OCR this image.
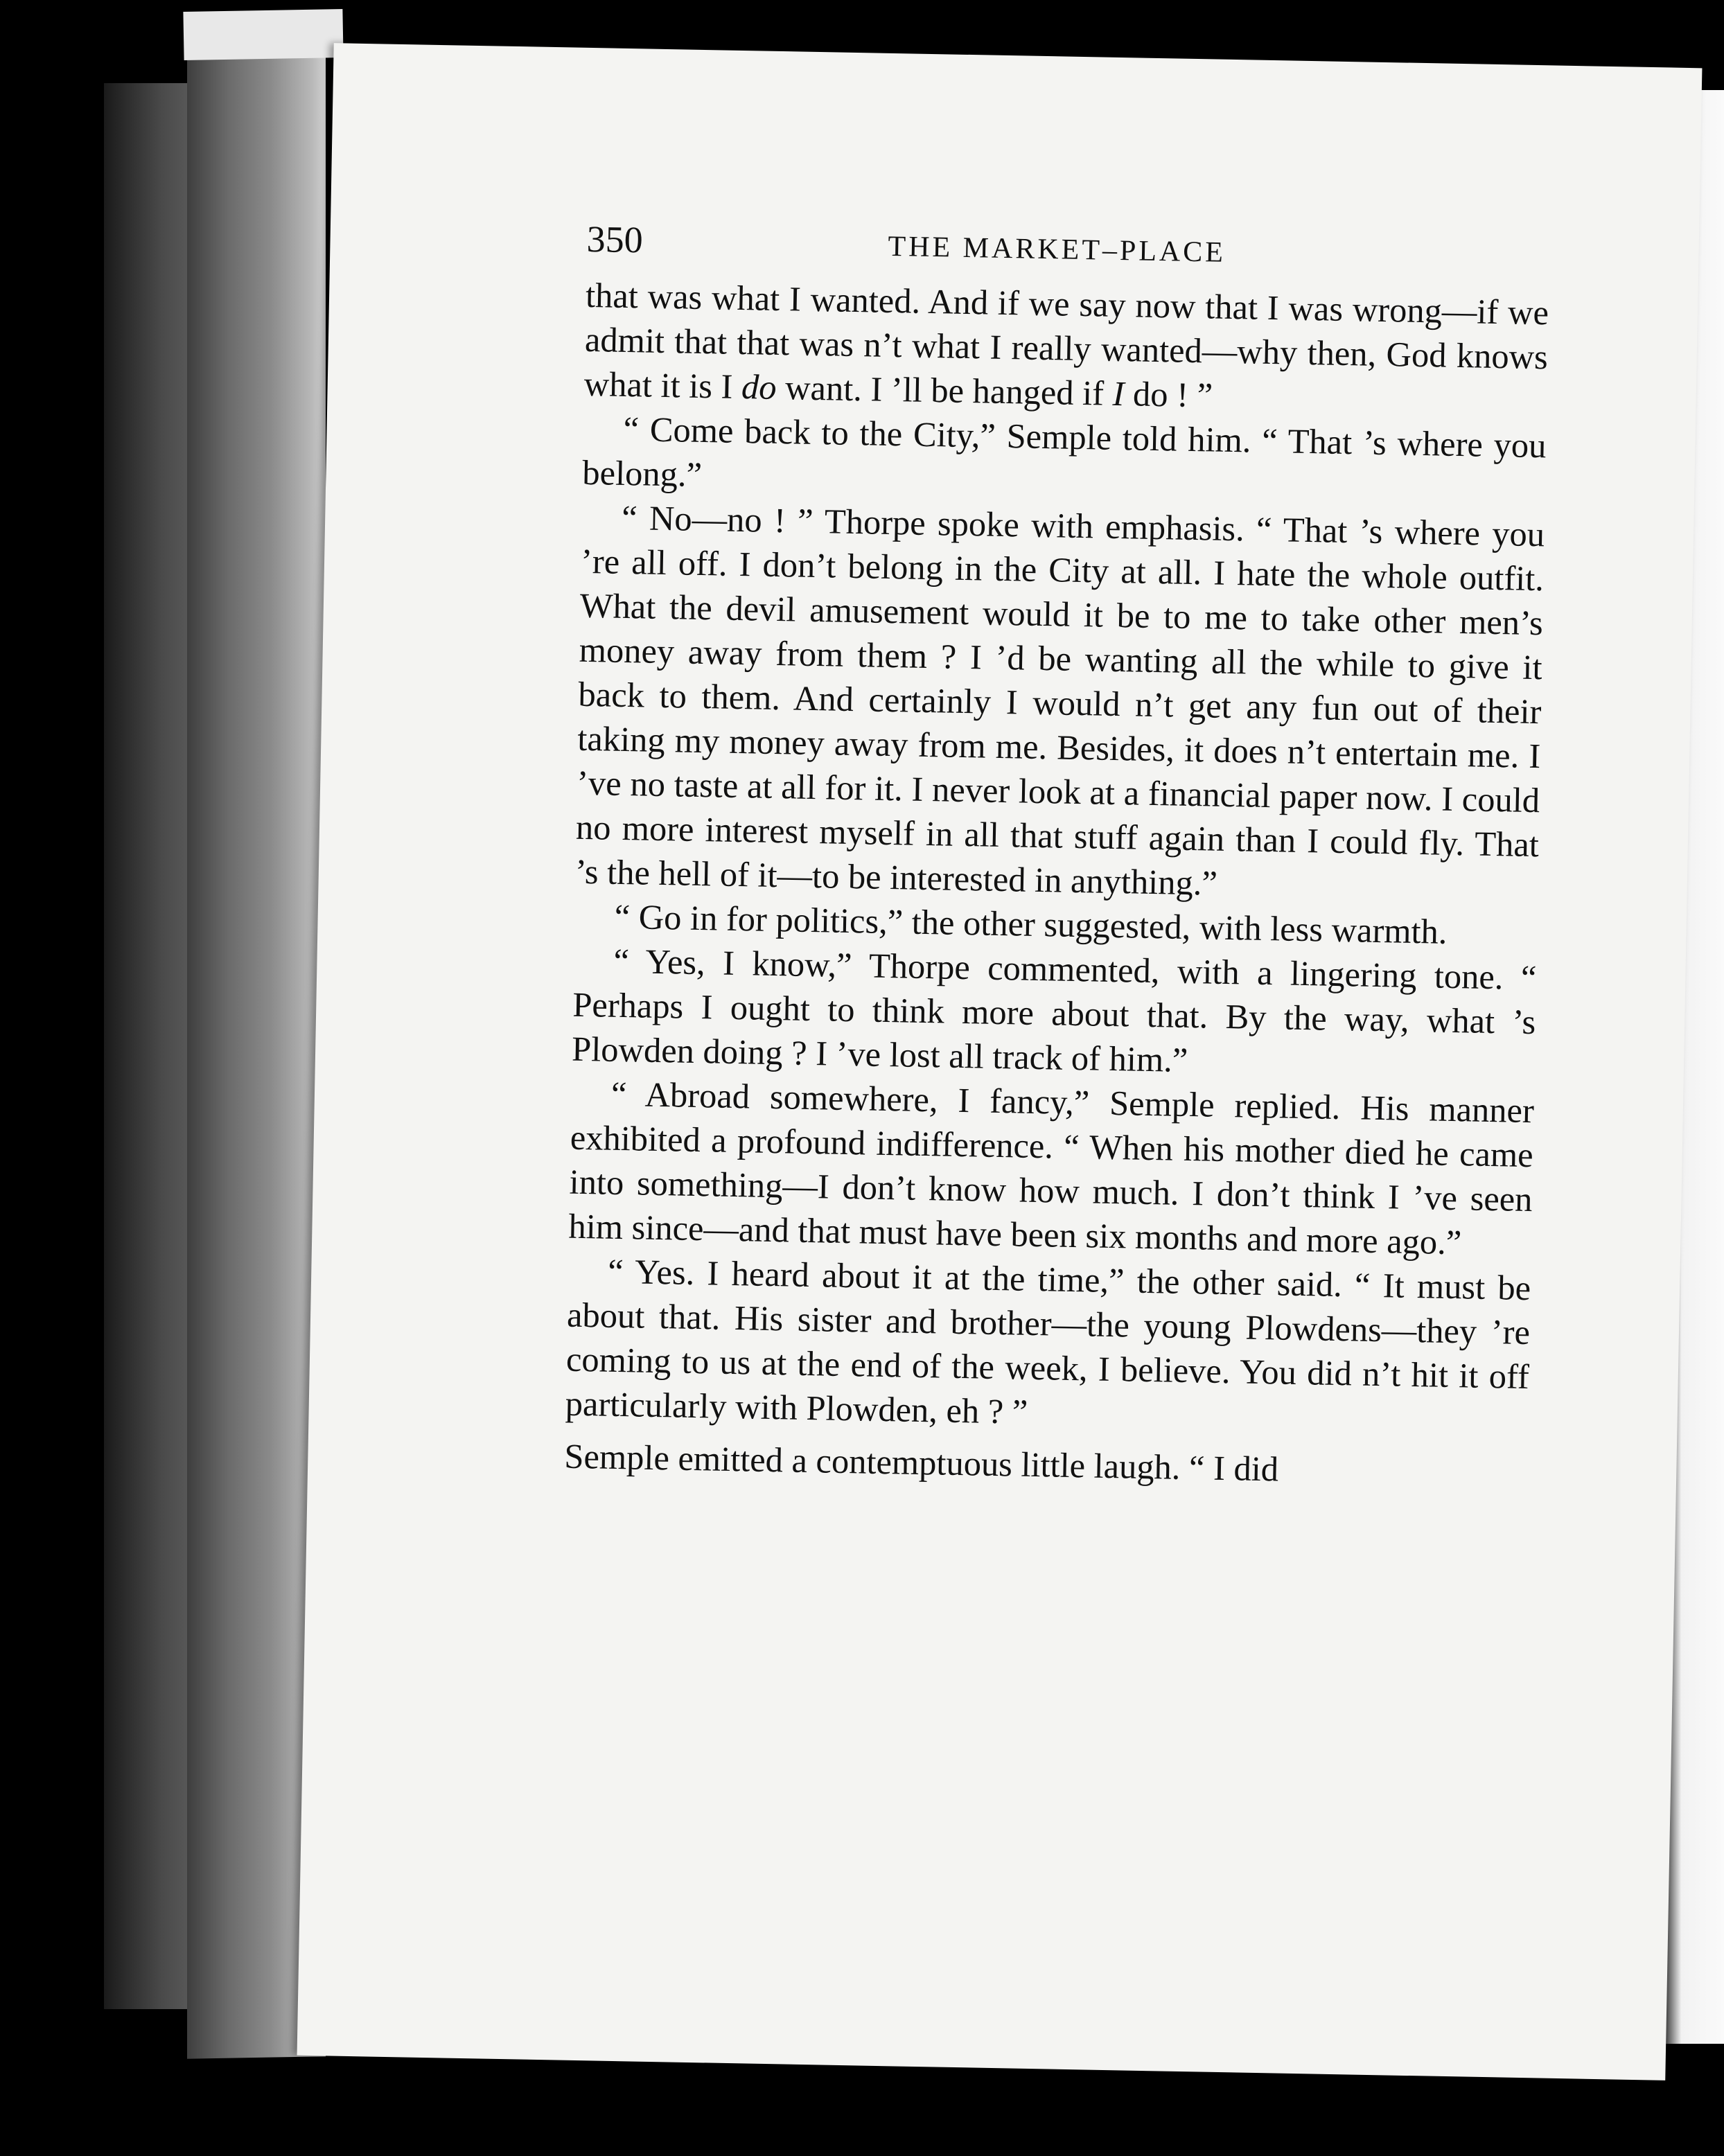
350	THE MARKET–PLACE

that was what I wanted. And if we say now that I was wrong—if we admit that that was n’t what I really wanted—why then, God knows what it is I do want. I ’ll be hanged if I do ! ”

“ Come back to the City,” Semple told him. “ That ’s where you belong.”

“ No—no ! ” Thorpe spoke with emphasis. “ That ’s where you ’re all off. I don’t belong in the City at all. I hate the whole outfit. What the devil amusement would it be to me to take other men’s money away from them ? I ’d be wanting all the while to give it back to them. And certainly I would n’t get any fun out of their taking my money away from me. Besides, it does n’t entertain me. I ’ve no taste at all for it. I never look at a financial paper now. I could no more interest myself in all that stuff again than I could fly. That ’s the hell of it—to be interested in anything.”

“ Go in for politics,” the other suggested, with less warmth.

“ Yes, I know,” Thorpe commented, with a lingering tone. “ Perhaps I ought to think more about that. By the way, what ’s Plowden doing ? I ’ve lost all track of him.”

“ Abroad somewhere, I fancy,” Semple replied. His manner exhibited a profound indifference. “ When his mother died he came into something—I don’t know how much. I don’t think I ’ve seen him since—and that must have been six months and more ago.”

“ Yes. I heard about it at the time,” the other said. “ It must be about that. His sister and brother—the young Plowdens—they ’re coming to us at the end of the week, I believe. You did n’t hit it off particularly with Plowden, eh ? ”

Semple emitted a contemptuous little laugh. “ I did
